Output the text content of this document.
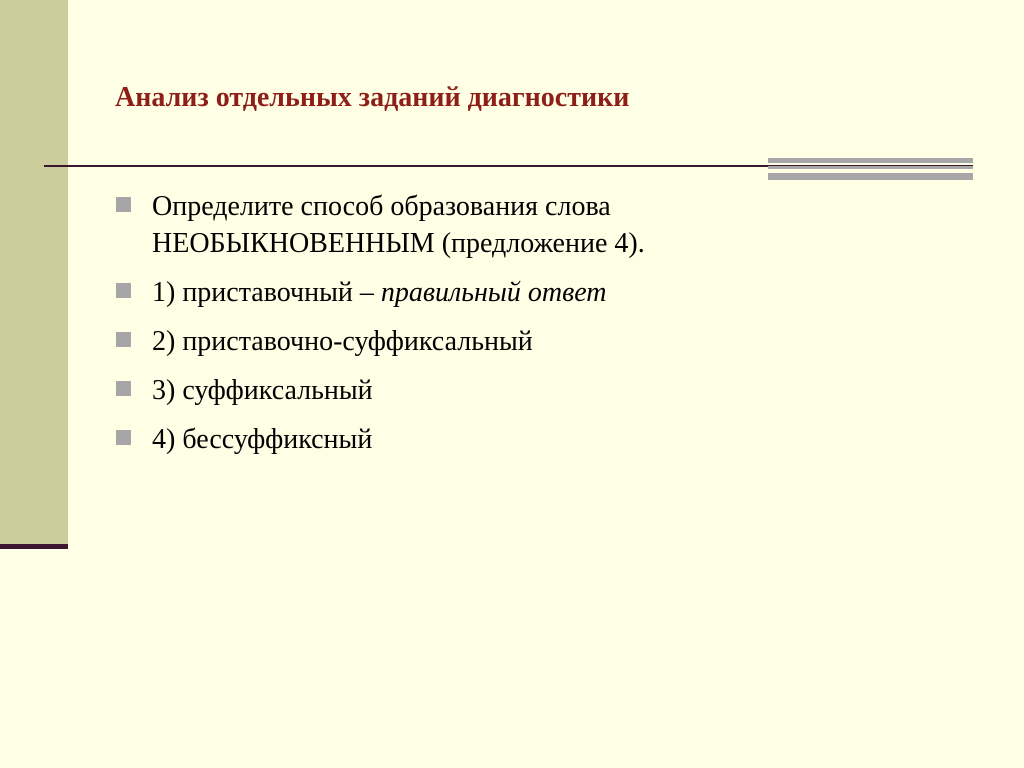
Анализ отдельных заданий диагностики
Определите способ образования слова
НЕОБЫКНОВЕННЫМ (предложение 4).
1) приставочный – правильный ответ
2) приставочно-суффиксальный
3) суффиксальный
4) бессуффиксный
